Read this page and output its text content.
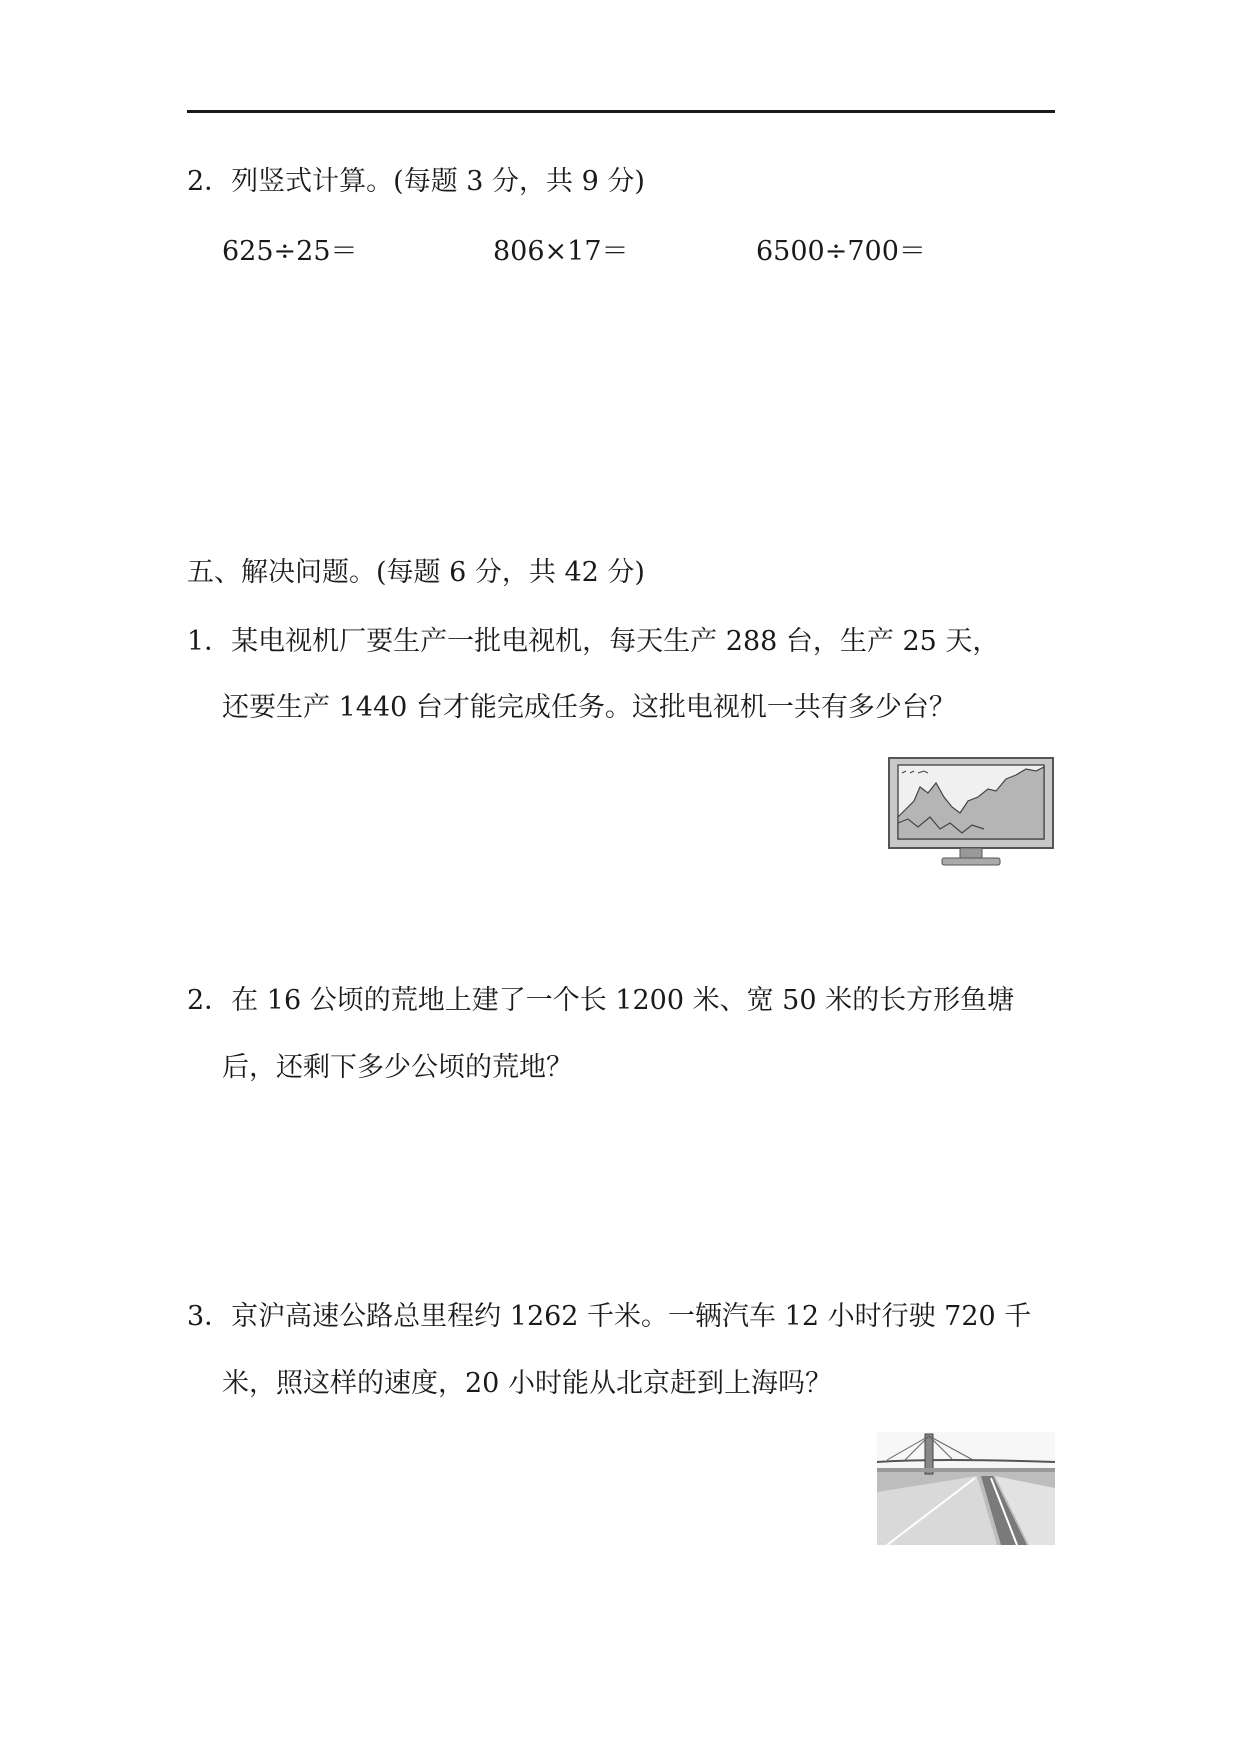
2．列竖式计算。(每题 3 分，共 9 分)
625÷25＝	806×17＝	6500÷700＝
五、解决问题。(每题 6 分，共 42 分)
1．某电视机厂要生产一批电视机，每天生产 288 台，生产 25 天，
还要生产 1440 台才能完成任务。这批电视机一共有多少台？
2．在 16 公顷的荒地上建了一个长 1200 米、宽 50 米的长方形鱼塘
后，还剩下多少公顷的荒地？
3．京沪高速公路总里程约 1262 千米。一辆汽车 12 小时行驶 720 千
米，照这样的速度，20 小时能从北京赶到上海吗？
